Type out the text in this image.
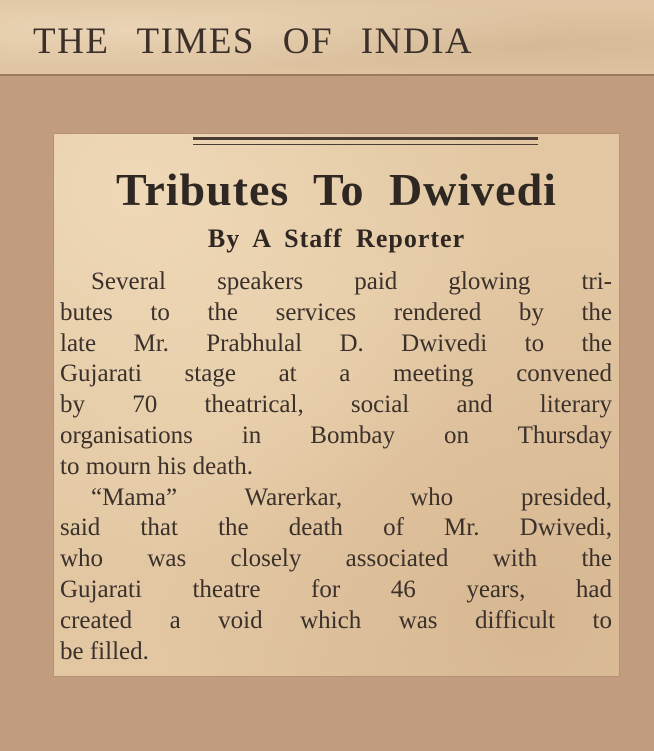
THE TIMES OF INDIA
Tributes To Dwivedi
By A Staff Reporter
Several speakers paid glowing tri-
butes to the services rendered by the
late Mr. Prabhulal D. Dwivedi to the
Gujarati stage at a meeting convened
by 70 theatrical, social and literary
organisations in Bombay on Thursday
to mourn his death.
“Mama” Warerkar, who presided,
said that the death of Mr. Dwivedi,
who was closely associated with the
Gujarati theatre for 46 years, had
created a void which was difficult to
be filled.
